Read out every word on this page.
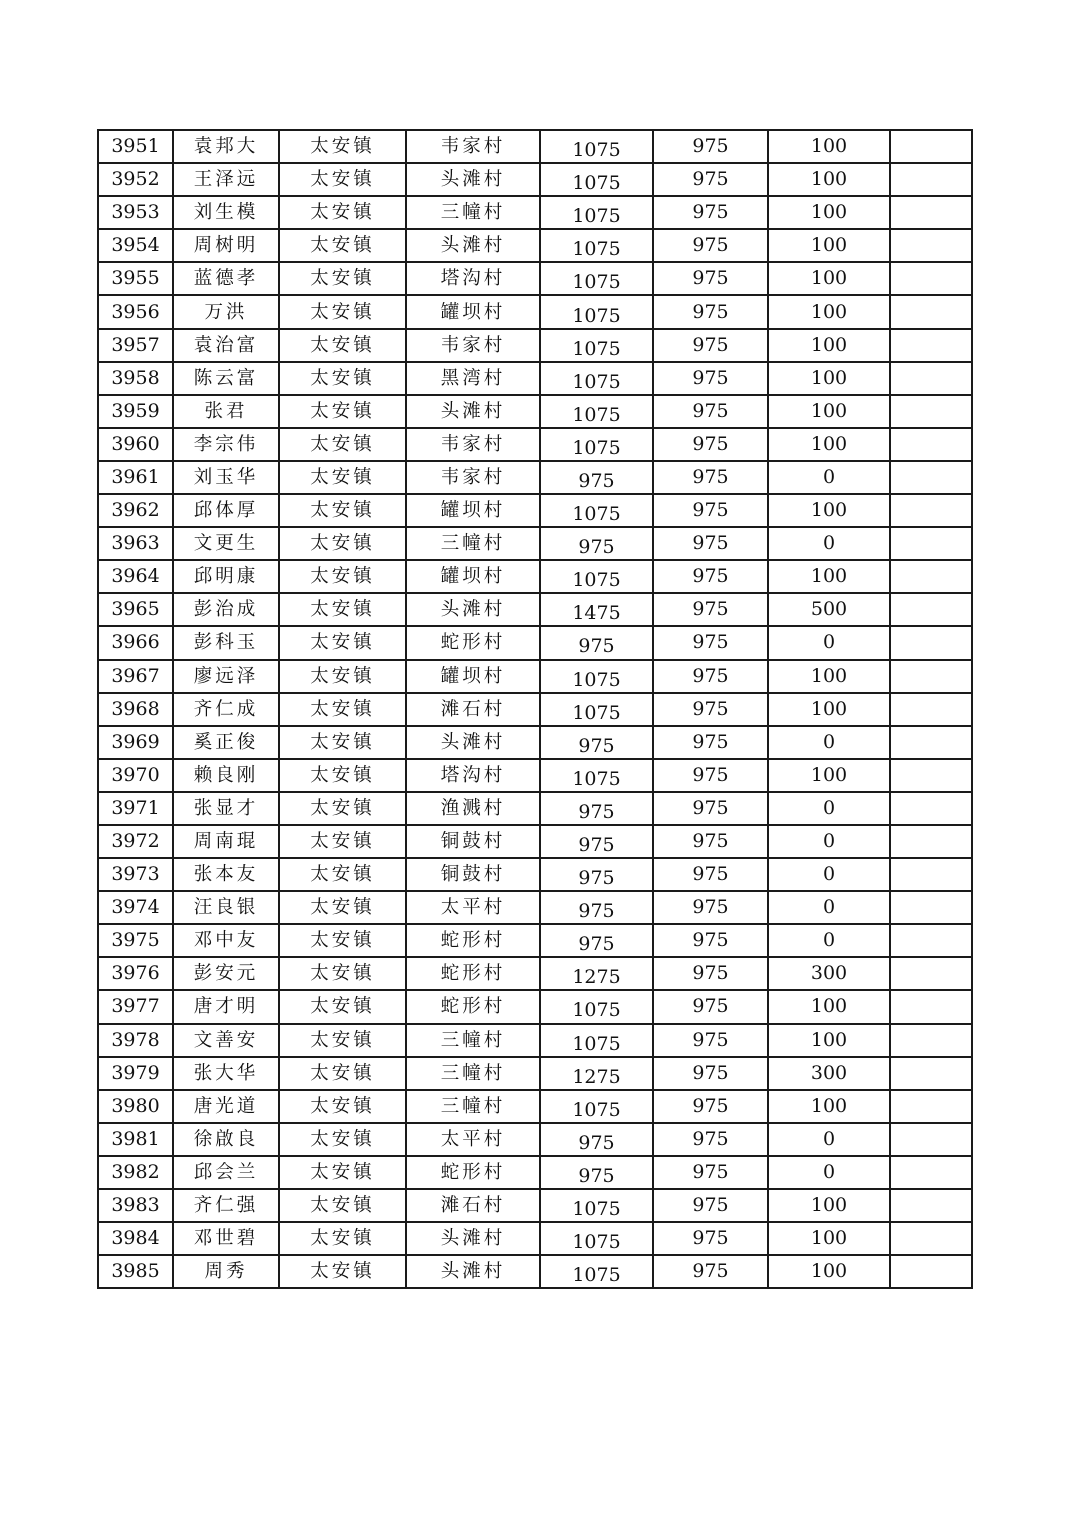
3951	袁邦大	太安镇	韦家村	1075	975	100	
3952	王泽远	太安镇	头滩村	1075	975	100	
3953	刘生模	太安镇	三幢村	1075	975	100	
3954	周树明	太安镇	头滩村	1075	975	100	
3955	蓝德孝	太安镇	塔沟村	1075	975	100	
3956	万洪	太安镇	罐坝村	1075	975	100	
3957	袁治富	太安镇	韦家村	1075	975	100	
3958	陈云富	太安镇	黑湾村	1075	975	100	
3959	张君	太安镇	头滩村	1075	975	100	
3960	李宗伟	太安镇	韦家村	1075	975	100	
3961	刘玉华	太安镇	韦家村	975	975	0	
3962	邱体厚	太安镇	罐坝村	1075	975	100	
3963	文更生	太安镇	三幢村	975	975	0	
3964	邱明康	太安镇	罐坝村	1075	975	100	
3965	彭治成	太安镇	头滩村	1475	975	500	
3966	彭科玉	太安镇	蛇形村	975	975	0	
3967	廖远泽	太安镇	罐坝村	1075	975	100	
3968	齐仁成	太安镇	滩石村	1075	975	100	
3969	奚正俊	太安镇	头滩村	975	975	0	
3970	赖良刚	太安镇	塔沟村	1075	975	100	
3971	张显才	太安镇	渔溅村	975	975	0	
3972	周南琨	太安镇	铜鼓村	975	975	0	
3973	张本友	太安镇	铜鼓村	975	975	0	
3974	汪良银	太安镇	太平村	975	975	0	
3975	邓中友	太安镇	蛇形村	975	975	0	
3976	彭安元	太安镇	蛇形村	1275	975	300	
3977	唐才明	太安镇	蛇形村	1075	975	100	
3978	文善安	太安镇	三幢村	1075	975	100	
3979	张大华	太安镇	三幢村	1275	975	300	
3980	唐光道	太安镇	三幢村	1075	975	100	
3981	徐啟良	太安镇	太平村	975	975	0	
3982	邱会兰	太安镇	蛇形村	975	975	0	
3983	齐仁强	太安镇	滩石村	1075	975	100	
3984	邓世碧	太安镇	头滩村	1075	975	100	
3985	周秀	太安镇	头滩村	1075	975	100	
